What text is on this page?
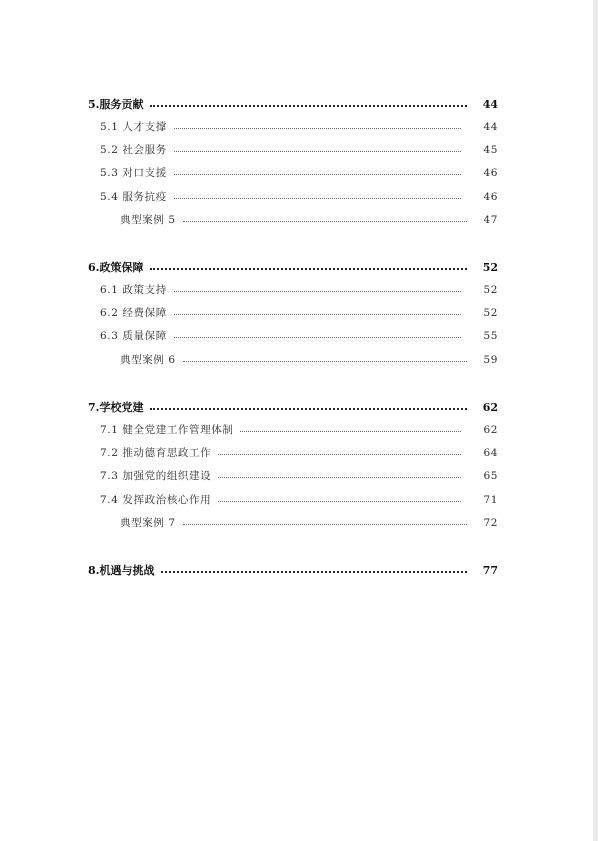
5.服务贡献	44
5.1 人才支撑	44
5.2 社会服务	45
5.3 对口支援	46
5.4 服务抗疫	46
典型案例 5	47
6.政策保障	52
6.1 政策支持	52
6.2 经费保障	52
6.3 质量保障	55
典型案例 6	59
7.学校党建	62
7.1 健全党建工作管理体制	62
7.2 推动德育思政工作	64
7.3 加强党的组织建设	65
7.4 发挥政治核心作用	71
典型案例 7	72
8.机遇与挑战	77
